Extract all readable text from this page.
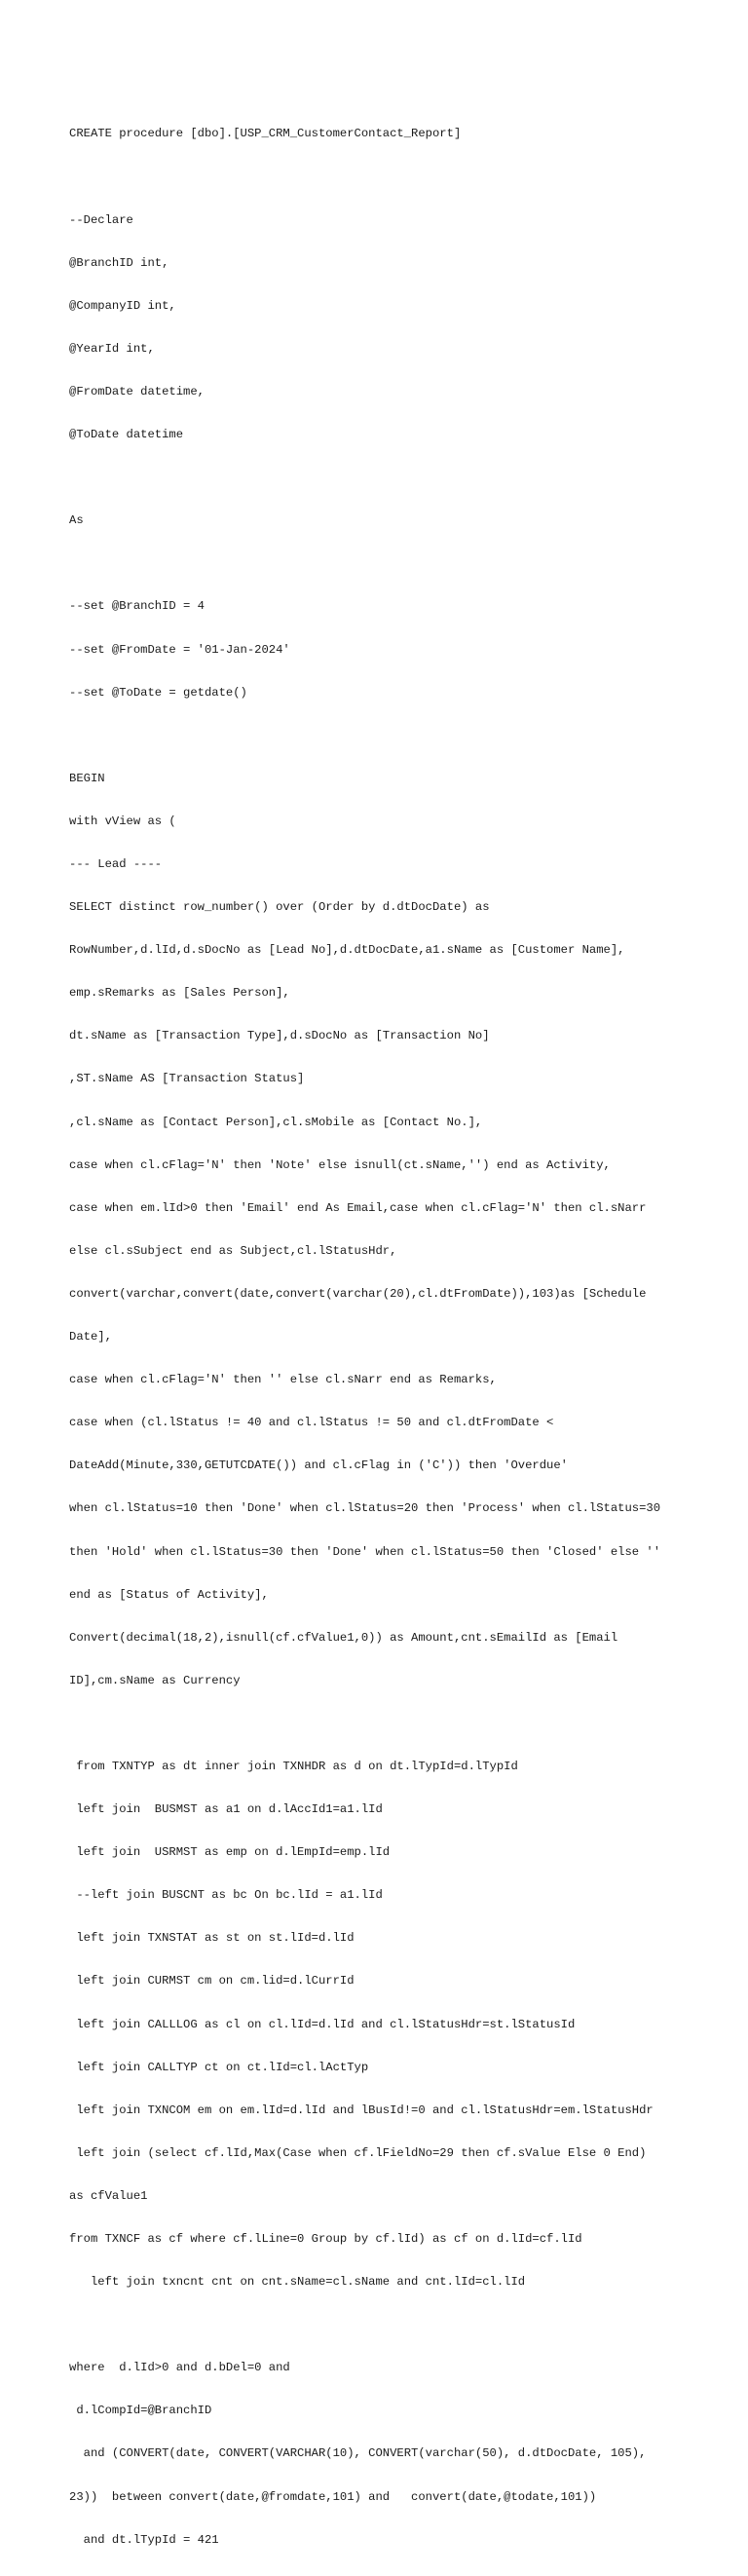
CREATE procedure [dbo].[USP_CRM_CustomerContact_Report]

--Declare

@BranchID int,

@CompanyID int,

@YearId int,

@FromDate datetime,

@ToDate datetime

As

--set @BranchID = 4

--set @FromDate = '01-Jan-2024'

--set @ToDate = getdate()

BEGIN

with vView as (

--- Lead ----

SELECT distinct row_number() over (Order by d.dtDocDate) as

RowNumber,d.lId,d.sDocNo as [Lead No],d.dtDocDate,a1.sName as [Customer Name],

emp.sRemarks as [Sales Person],

dt.sName as [Transaction Type],d.sDocNo as [Transaction No]

,ST.sName AS [Transaction Status]

,cl.sName as [Contact Person],cl.sMobile as [Contact No.],

case when cl.cFlag='N' then 'Note' else isnull(ct.sName,'') end as Activity,

case when em.lId>0 then 'Email' end As Email,case when cl.cFlag='N' then cl.sNarr

else cl.sSubject end as Subject,cl.lStatusHdr,

convert(varchar,convert(date,convert(varchar(20),cl.dtFromDate)),103)as [Schedule

Date],

case when cl.cFlag='N' then '' else cl.sNarr end as Remarks,

case when (cl.lStatus != 40 and cl.lStatus != 50 and cl.dtFromDate <

DateAdd(Minute,330,GETUTCDATE()) and cl.cFlag in ('C')) then 'Overdue'

when cl.lStatus=10 then 'Done' when cl.lStatus=20 then 'Process' when cl.lStatus=30

then 'Hold' when cl.lStatus=30 then 'Done' when cl.lStatus=50 then 'Closed' else ''

end as [Status of Activity],

Convert(decimal(18,2),isnull(cf.cfValue1,0)) as Amount,cnt.sEmailId as [Email

ID],cm.sName as Currency

from TXNTYP as dt inner join TXNHDR as d on dt.lTypId=d.lTypId

left join  BUSMST as a1 on d.lAccId1=a1.lId

left join  USRMST as emp on d.lEmpId=emp.lId

--left join BUSCNT as bc On bc.lId = a1.lId

left join TXNSTAT as st on st.lId=d.lId

left join CURMST cm on cm.lid=d.lCurrId

left join CALLLOG as cl on cl.lId=d.lId and cl.lStatusHdr=st.lStatusId

left join CALLTYP ct on ct.lId=cl.lActTyp

left join TXNCOM em on em.lId=d.lId and lBusId!=0 and cl.lStatusHdr=em.lStatusHdr

left join (select cf.lId,Max(Case when cf.lFieldNo=29 then cf.sValue Else 0 End)

as cfValue1

from TXNCF as cf where cf.lLine=0 Group by cf.lId) as cf on d.lId=cf.lId

left join txncnt cnt on cnt.sName=cl.sName and cnt.lId=cl.lId

where  d.lId>0 and d.bDel=0 and

d.lCompId=@BranchID

and (CONVERT(date, CONVERT(VARCHAR(10), CONVERT(varchar(50), d.dtDocDate, 105),

23))  between convert(date,@fromdate,101) and   convert(date,@todate,101))

and dt.lTypId = 421
